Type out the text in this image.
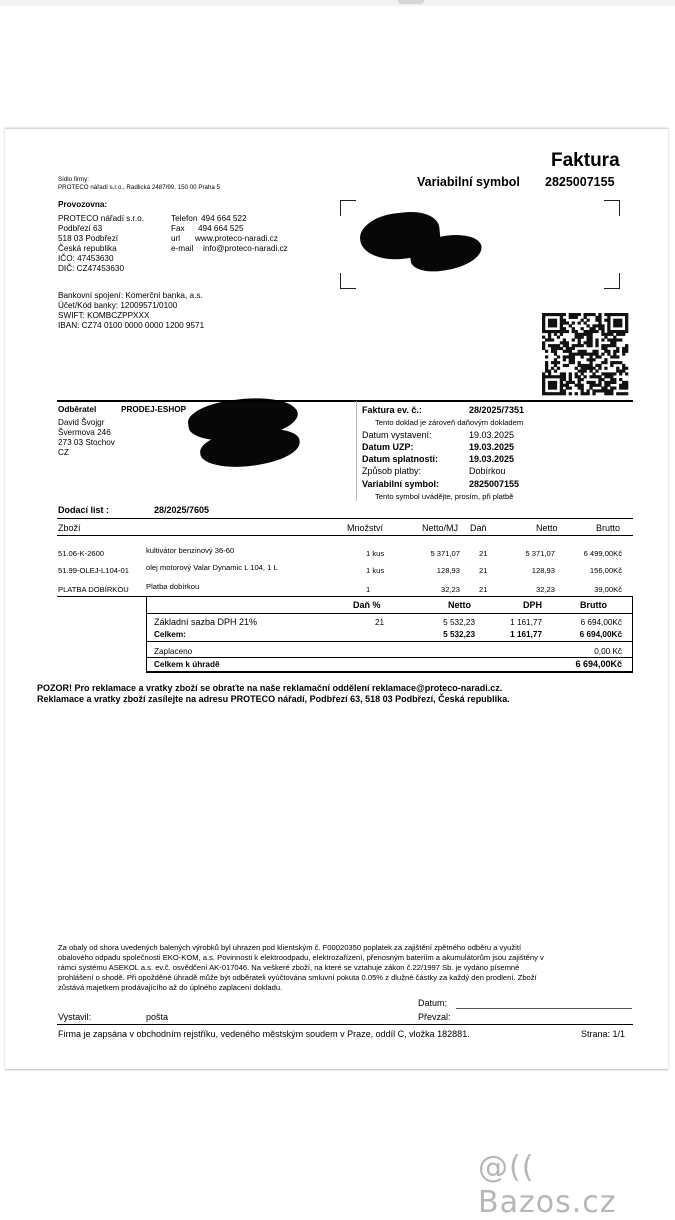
Faktura
Variabilní symbol 2825007155
Sídlo firmy:
PROTECO nářadí s.r.o., Radlická 2487/99, 150 00 Praha 5
Provozovna:
PROTECO nářadí s.r.o.
Podbřezí 63
518 03 Podbřezí
Česká republika
IČO: 47453630
DIČ: CZ47453630
Telefon 494 664 522
Fax 494 664 525
url www.proteco-naradi.cz
e-mail info@proteco-naradi.cz
Bankovní spojení: Komerční banka, a.s.
Účet/Kód banky: 12009571/0100
SWIFT: KOMBCZPPXXX
IBAN: CZ74 0100 0000 0000 1200 9571
Odběratel	PRODEJ-ESHOP
David Švojgr
Švermova 246
273 03 Stochov
CZ
Faktura ev. č.:	28/2025/7351
Tento doklad je zároveň daňovým dokladem
Datum vystavení:	19.03.2025
Datum UZP:	19.03.2025
Datum splatnosti:	19.03.2025
Způsob platby:	Dobírkou
Variabilní symbol:	2825007155
Tento symbol uvádějte, prosím, při platbě
Dodací list :	28/2025/7605
Zboží	Množství	Netto/MJ Daň	Netto	Brutto
51.06-K-2600	kultivátor benzinový 36-60	1 kus	5 371,07	21	5 371,07	6 499,00Kč
51.99-OLEJ-L104-01 olej motorový Valar Dynamic L 104, 1 L	1 kus	128,93	21	128,93	156,00Kč
PLATBA DOBÍRKOU Platba dobírkou	1	32,23	21	32,23	39,00Kč
Daň %	Netto	DPH	Brutto
Základní sazba DPH 21%	21	5 532,23	1 161,77	6 694,00Kč
Celkem:	5 532,23	1 161,77	6 694,00Kč
Zaplaceno	0,00 Kč
Celkem k úhradě	6 694,00Kč
POZOR! Pro reklamace a vratky zboží se obraťte na naše reklamační oddělení reklamace@proteco-naradi.cz.
Reklamace a vratky zboží zasílejte na adresu PROTECO nářadí, Podbřezí 63, 518 03 Podbřezí, Česká republika.
Za obaly od shora uvedených balených výrobků byl uhrazen pod klientským č. F00020350 poplatek za zajištění zpětného odběru a využití
obalového odpadu společnosti EKO-KOM, a.s. Povinnosti k elektroodpadu, elektrozařízení, přenosným bateriím a akumulátorům jsou zajištěny v
rámci systému ASEKOL a.s. ev.č. osvědčení AK-017046. Na veškeré zboží, na které se vztahuje zákon č.22/1997 Sb. je vydáno písemné
prohlášení o shodě. Při opožděné úhradě může být odběrateli vyúčtována smluvní pokuta 0.05% z dlužné částky za každý den prodlení. Zboží
zůstává majetkem prodávajícího až do úplného zaplacení dokladu.
Datum:
Vystavil:	pošta	Převzal:
Firma je zapsána v obchodním rejstříku, vedeného městským soudem v Praze, oddíl C, vložka 182881.	Strana: 1/1
@(( Bazos.cz
